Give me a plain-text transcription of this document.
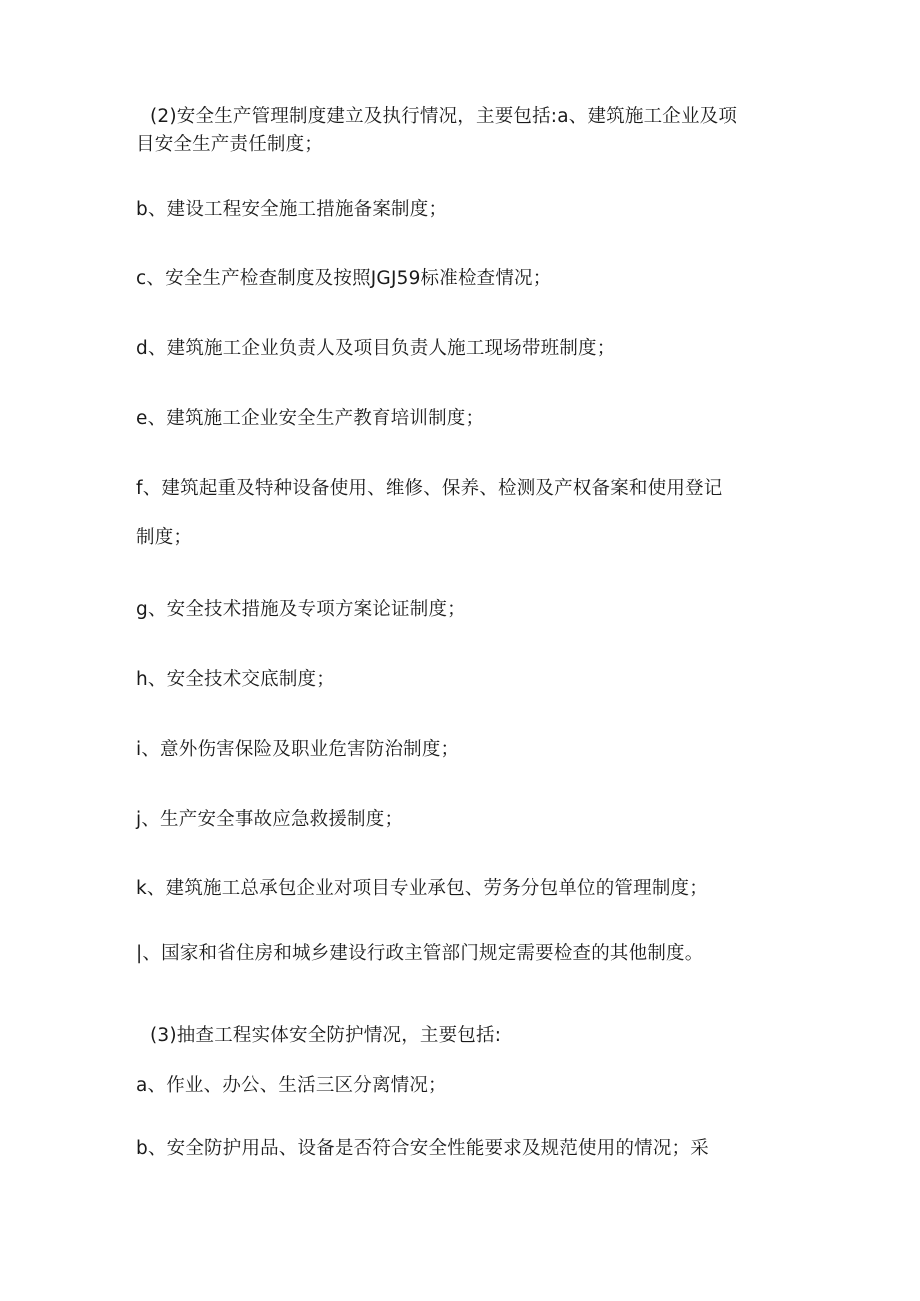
(2)安全生产管理制度建立及执行情况，主要包括:a、建筑施工企业及项
目安全生产责任制度；
b、建设工程安全施工措施备案制度；
c、安全生产检查制度及按照JGJ59标准检查情况；
d、建筑施工企业负责人及项目负责人施工现场带班制度；
e、建筑施工企业安全生产教育培训制度；
f、建筑起重及特种设备使用、维修、保养、检测及产权备案和使用登记
制度；
g、安全技术措施及专项方案论证制度；
h、安全技术交底制度；
i、意外伤害保险及职业危害防治制度；
j、生产安全事故应急救援制度；
k、建筑施工总承包企业对项目专业承包、劳务分包单位的管理制度；
|、国家和省住房和城乡建设行政主管部门规定需要检查的其他制度。
(3)抽查工程实体安全防护情况，主要包括:
a、作业、办公、生活三区分离情况；
b、安全防护用品、设备是否符合安全性能要求及规范使用的情况；采
